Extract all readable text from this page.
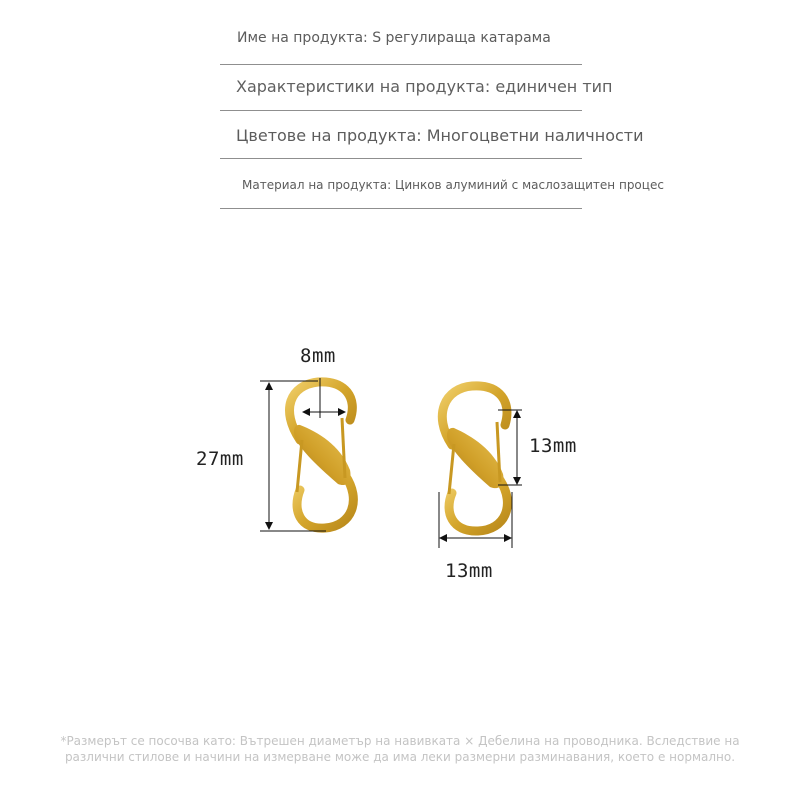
Име на продукта: S регулираща катарама
Характеристики на продукта: единичен тип
Цветове на продукта: Многоцветни наличности
Материал на продукта: Цинков алуминий с маслозащитен процес
8mm
27mm
13mm
13mm
*Размерът се посочва като: Вътрешен диаметър на навивката × Дебелина на проводника. Вследствие на
различни стилове и начини на измерване може да има леки размерни разминавания, което е нормално.
